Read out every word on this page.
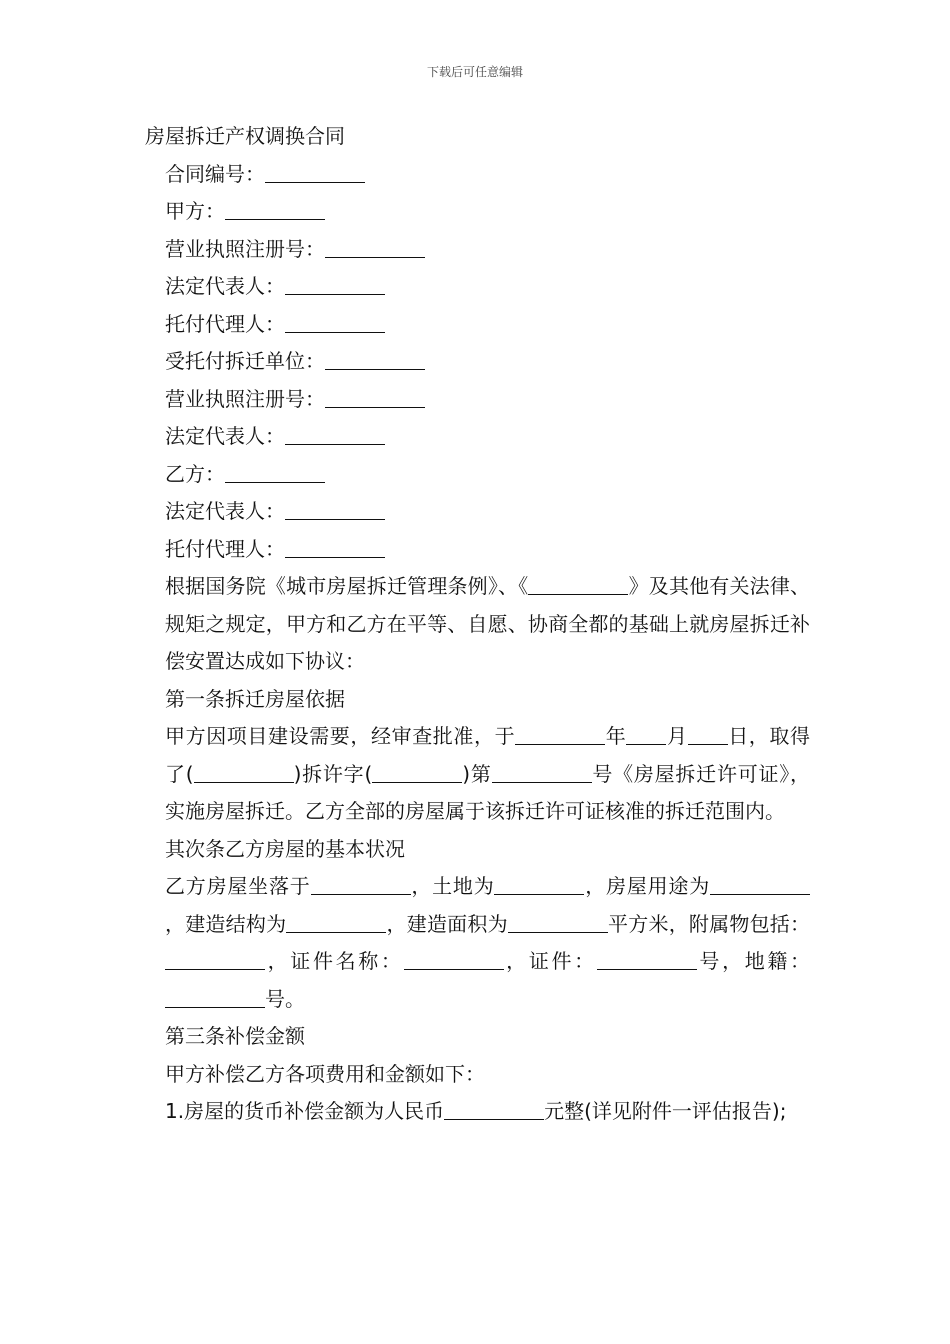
下载后可任意编辑

房屋拆迁产权调换合同

合同编号：

甲方：

营业执照注册号：

法定代表人：

托付代理人：

受托付拆迁单位：

营业执照注册号：

法定代表人：

乙方：

法定代表人：

托付代理人：

根据国务院《城市房屋拆迁管理条例》、《	》及其他有关法律、规矩之规定，甲方和乙方在平等、自愿、协商全都的基础上就房屋拆迁补偿安置达成如下协议：

第一条拆迁房屋依据

甲方因项目建设需要，经审查批准，于	年 月 日，取得了(	)拆许字(	)第	号《房屋拆迁许可证》，实施房屋拆迁。乙方全部的房屋属于该拆迁许可证核准的拆迁范围内。

其次条乙方房屋的基本状况

乙方房屋坐落于	，土地为	，房屋用途为，建造结构为	，建造面积为	平方米，附属物包括：，证件名称：	，证件：	号，地籍：号。

第三条补偿金额

甲方补偿乙方各项费用和金额如下：

1.房屋的货币补偿金额为人民币	元整(详见附件一评估报告);
